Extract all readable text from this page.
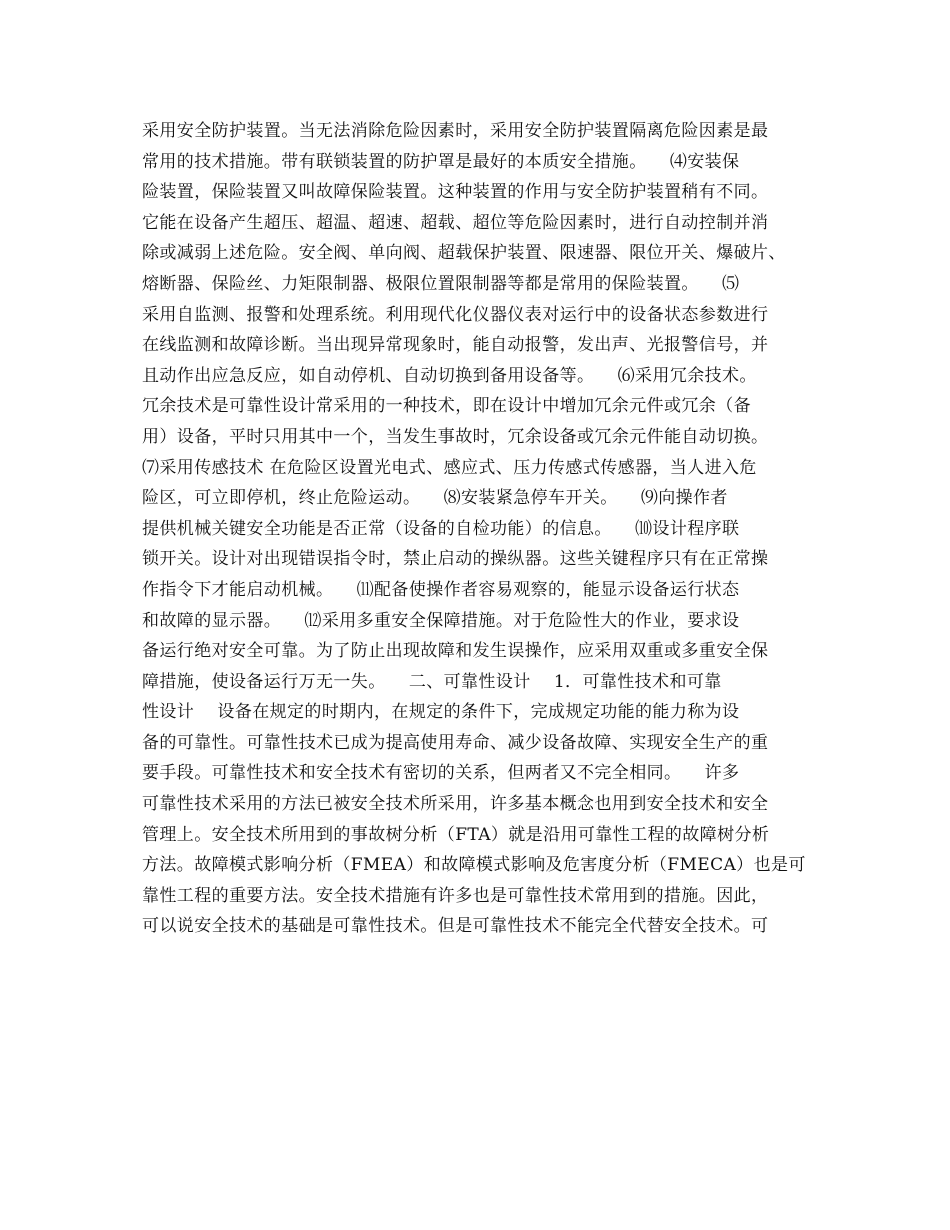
采用安全防护装置。当无法消除危险因素时，采用安全防护装置隔离危险因素是最
常用的技术措施。带有联锁装置的防护罩是最好的本质安全措施。    ⑷安装保
险装置，保险装置又叫故障保险装置。这种装置的作用与安全防护装置稍有不同。
它能在设备产生超压、超温、超速、超载、超位等危险因素时，进行自动控制并消
除或减弱上述危险。安全阀、单向阀、超载保护装置、限速器、限位开关、爆破片、
熔断器、保险丝、力矩限制器、极限位置限制器等都是常用的保险装置。    ⑸
采用自监测、报警和处理系统。利用现代化仪器仪表对运行中的设备状态参数进行
在线监测和故障诊断。当出现异常现象时，能自动报警，发出声、光报警信号，并
且动作出应急反应，如自动停机、自动切换到备用设备等。    ⑹采用冗余技术。
冗余技术是可靠性设计常采用的一种技术，即在设计中增加冗余元件或冗余（备
用）设备，平时只用其中一个，当发生事故时，冗余设备或冗余元件能自动切换。
⑺采用传感技术 在危险区设置光电式、感应式、压力传感式传感器，当人进入危
险区，可立即停机，终止危险运动。    ⑻安装紧急停车开关。    ⑼向操作者
提供机械关键安全功能是否正常（设备的自检功能）的信息。    ⑽设计程序联
锁开关。设计对出现错误指令时，禁止启动的操纵器。这些关键程序只有在正常操
作指令下才能启动机械。    ⑾配备使操作者容易观察的，能显示设备运行状态
和故障的显示器。    ⑿采用多重安全保障措施。对于危险性大的作业，要求设
备运行绝对安全可靠。为了防止出现故障和发生误操作，应采用双重或多重安全保
障措施，使设备运行万无一失。    二、可靠性设计    1．可靠性技术和可靠
性设计    设备在规定的时期内，在规定的条件下，完成规定功能的能力称为设
备的可靠性。可靠性技术已成为提高使用寿命、减少设备故障、实现安全生产的重
要手段。可靠性技术和安全技术有密切的关系，但两者又不完全相同。    许多
可靠性技术采用的方法已被安全技术所采用，许多基本概念也用到安全技术和安全
管理上。安全技术所用到的事故树分析（FTA）就是沿用可靠性工程的故障树分析
方法。故障模式影响分析（FMEA）和故障模式影响及危害度分析（FMECA）也是可
靠性工程的重要方法。安全技术措施有许多也是可靠性技术常用到的措施。因此，
可以说安全技术的基础是可靠性技术。但是可靠性技术不能完全代替安全技术。可
